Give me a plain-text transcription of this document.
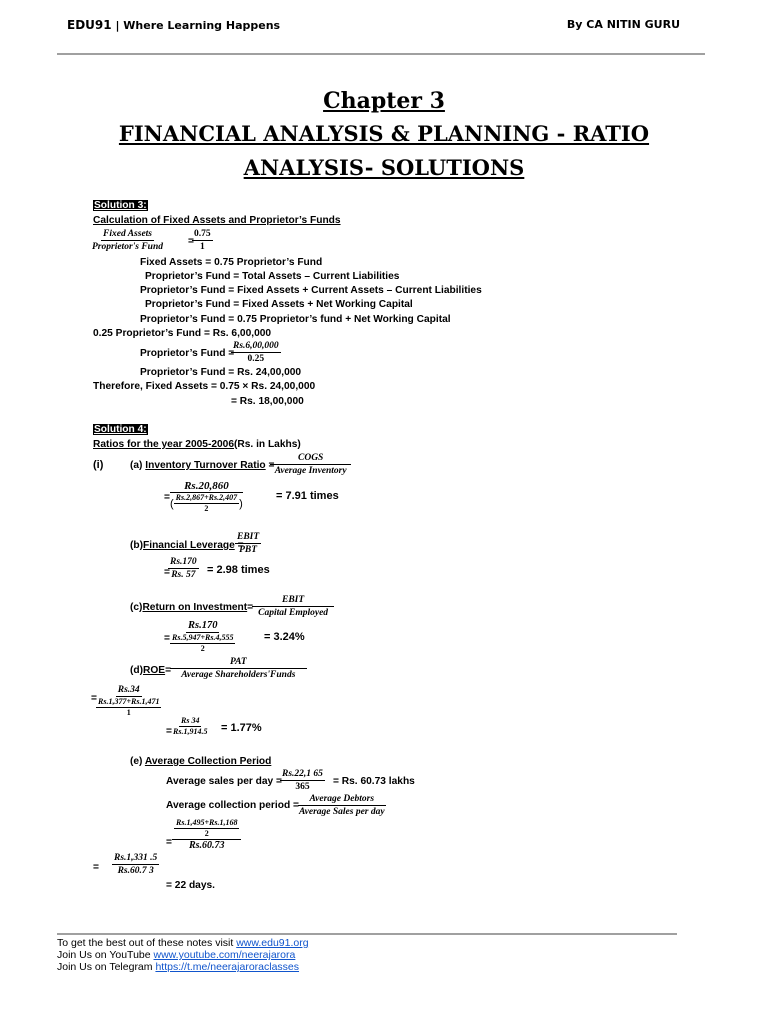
EDU91 | Where Learning Happens	By CA NITIN GURU
Chapter 3
FINANCIAL ANALYSIS & PLANNING - RATIO
ANALYSIS- SOLUTIONS
Solution 3:
Calculation of Fixed Assets and Proprietor’s Funds
Fixed Assets
Proprietor's Fund =
$\frac{0.75}{1}$
Fixed Assets = 0.75 Proprietor’s Fund
Proprietor’s Fund = Total Assets – Current Liabilities
Proprietor’s Fund = Fixed Assets + Current Assets – Current Liabilities
Proprietor’s Fund = Fixed Assets + Net Working Capital
Proprietor’s Fund = 0.75 Proprietor’s fund + Net Working Capital
0.25 Proprietor’s Fund = Rs. 6,00,000
Proprietor’s Fund =
$\frac{Rs.6,00,000}{0.25}$
Proprietor’s Fund = Rs. 24,00,000
Therefore, Fixed Assets = 0.75 × Rs. 24,00,000
= Rs. 18,00,000
Solution 4:
Ratios for the year 2005-2006(Rs. in Lakhs)
(i)	(a) Inventory Turnover Ratio =
COGS
Average Inventory
=
Rs.20,860
( $\frac{Rs.2,867+Rs.2,407}{2}$ )
= 7.91 times
(b)Financial Leverage =
EBIT
PBT
=
$\frac{Rs.170}{Rs. 57} = 2.98$ times
(c)Return on Investment=
EBIT
Capital Employed
=
Rs.170
$\frac{Rs.5,947+Rs.4,555}{2}$	= 3.24%
(d)ROE=
PAT
Average Shareholders'Funds
=
Rs.34
$\frac{Rs.1,377+Rs.1,471}{1}$
= $\frac{Rs 34}{Rs.1,914.5} = 1.77\%$
(e) Average Collection Period
Average sales per day =
$\frac{Rs.22,1 65}{365} = Rs$. 60.73 lakhs
Average collection period =
Average Debtors
Average Sales per day
=
$\frac{Rs.1,495+Rs.1,168}{2}$
Rs.60.73
= $\frac{Rs.1,331 .5}{Rs.60.7 3}$
= 22 days.
To get the best out of these notes visit www.edu91.org
Join Us on YouTube www.youtube.com/neerajarora
Join Us on Telegram https://t.me/neerajaroraclasses
